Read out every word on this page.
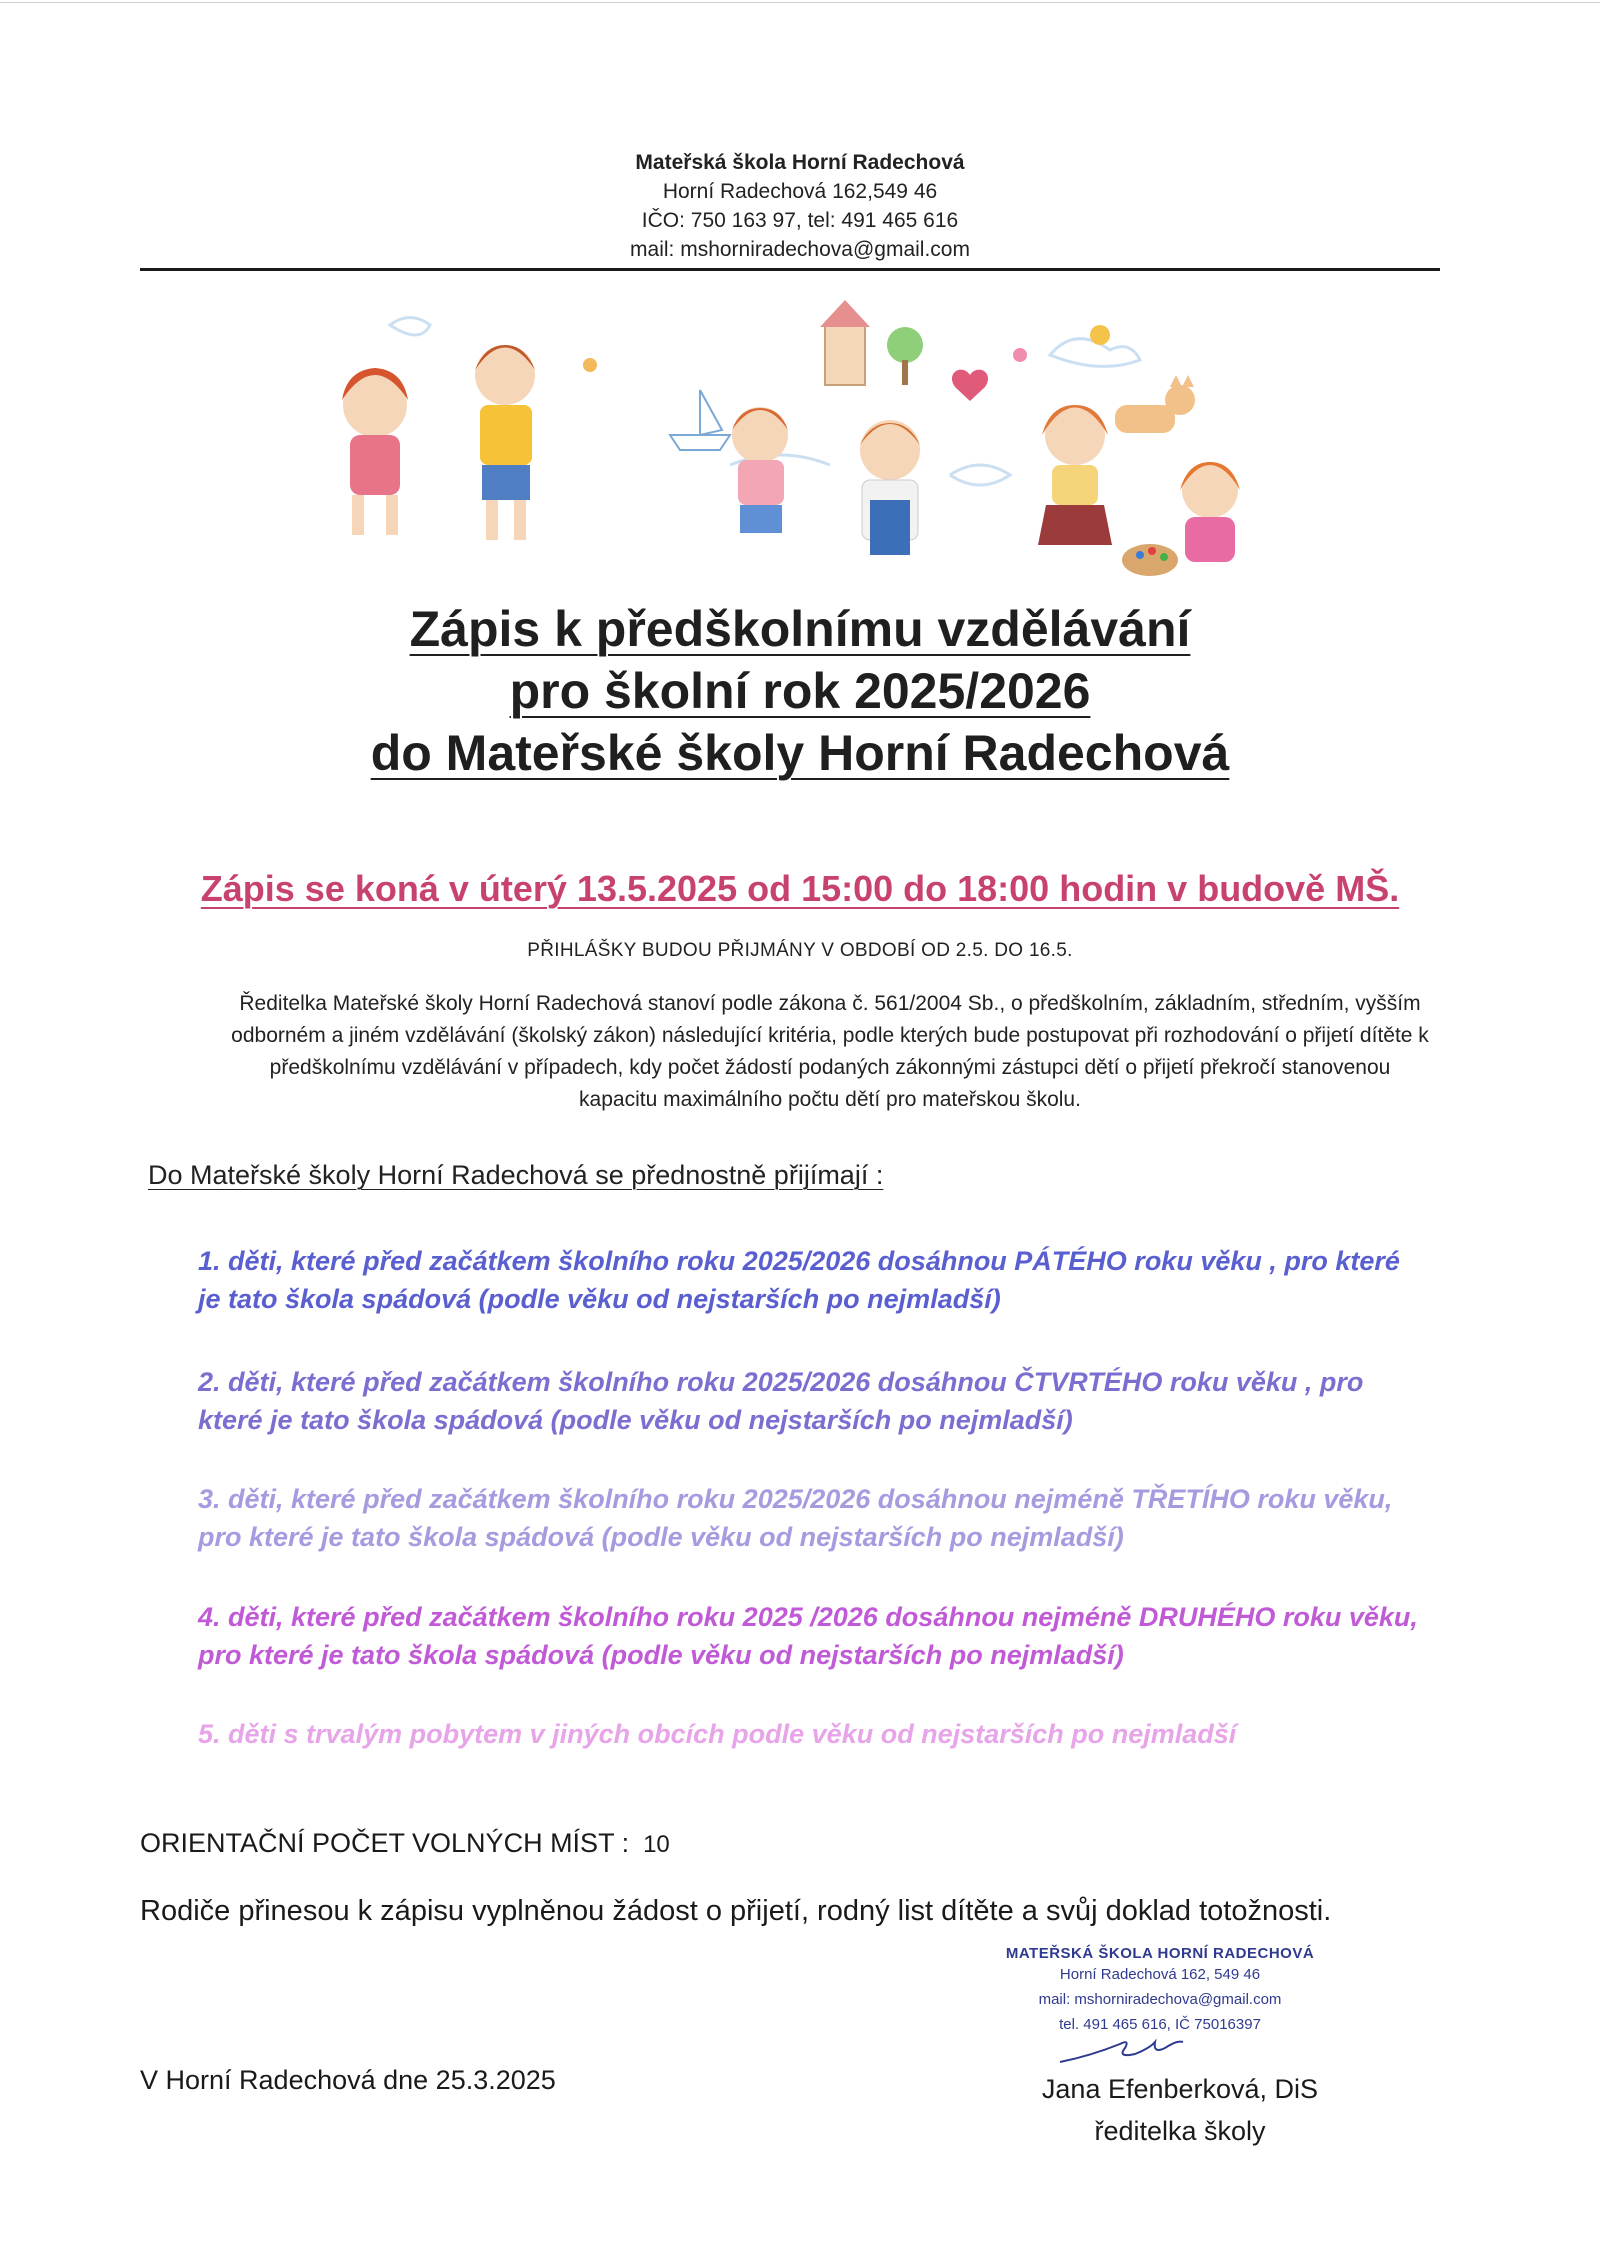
Mateřská škola Horní Radechová
Horní Radechová 162,549 46
IČO: 750 163 97, tel: 491 465 616
mail: mshorniradechova@gmail.com
Zápis k předškolnímu vzdělávání
pro školní rok 2025/2026
do Mateřské školy Horní Radechová
Zápis se koná v úterý 13.5.2025 od 15:00 do 18:00 hodin v budově MŠ.
PŘIHLÁŠKY BUDOU PŘIJMÁNY V OBDOBÍ OD 2.5. DO 16.5.
Ředitelka Mateřské školy Horní Radechová stanoví podle zákona č. 561/2004 Sb., o předškolním, základním, středním, vyšším odborném a jiném vzdělávání (školský zákon) následující kritéria, podle kterých bude postupovat při rozhodování o přijetí dítěte k předškolnímu vzdělávání v případech, kdy počet žádostí podaných zákonnými zástupci dětí o přijetí překročí stanovenou kapacitu maximálního počtu dětí pro mateřskou školu.
Do Mateřské školy Horní Radechová se přednostně přijímají :
1. děti, které před začátkem školního roku 2025/2026 dosáhnou PÁTÉHO roku věku , pro které je tato škola spádová (podle věku od nejstarších po nejmladší)
2. děti, které před začátkem školního roku 2025/2026 dosáhnou ČTVRTÉHO roku věku , pro které je tato škola spádová (podle věku od nejstarších po nejmladší)
3. děti, které před začátkem školního roku 2025/2026 dosáhnou nejméně TŘETÍHO roku věku, pro které je tato škola spádová (podle věku od nejstarších po nejmladší)
4. děti, které před začátkem školního roku 2025 /2026 dosáhnou nejméně DRUHÉHO roku věku, pro které je tato škola spádová (podle věku od nejstarších po nejmladší)
5. děti s trvalým pobytem v jiných obcích podle věku od nejstarších po nejmladší
ORIENTAČNÍ POČET VOLNÝCH MÍST : 10
Rodiče přinesou k zápisu vyplněnou žádost o přijetí, rodný list dítěte a svůj doklad totožnosti.
MATEŘSKÁ ŠKOLA HORNÍ RADECHOVÁ
Horní Radechová 162, 549 46
mail: mshorniradechova@gmail.com
tel. 491 465 616, IČ 75016397
V Horní Radechová dne 25.3.2025	Jana Efenberková, DiS
ředitelka školy
